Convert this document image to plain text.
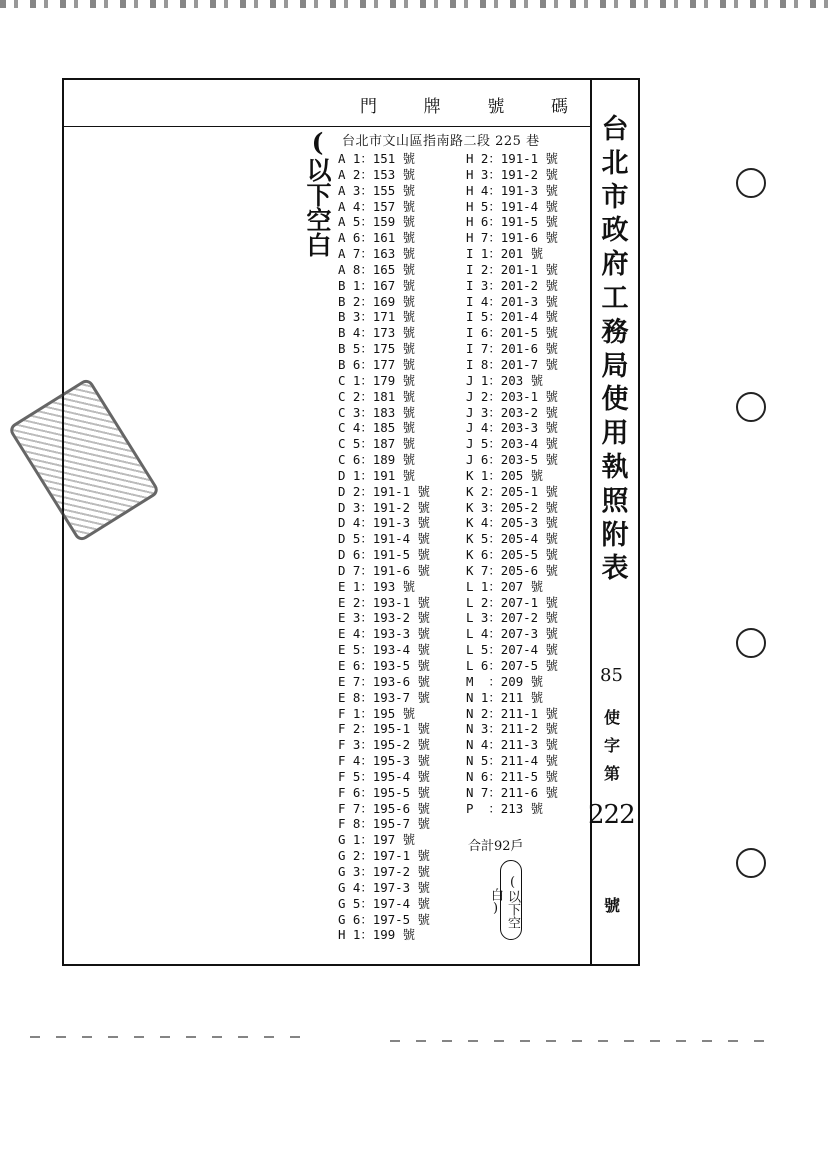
門	牌	號	碼
(以下空白 台北市文山區指南路二段 225 巷
A 1：151 號
A 2：153 號
A 3：155 號
A 4：157 號
A 5：159 號
A 6：161 號
A 7：163 號
A 8：165 號
B 1：167 號
B 2：169 號
B 3：171 號
B 4：173 號
B 5：175 號
B 6：177 號
C 1：179 號
C 2：181 號
C 3：183 號
C 4：185 號
C 5：187 號
C 6：189 號
D 1：191 號
D 2：191-1 號
D 3：191-2 號
D 4：191-3 號
D 5：191-4 號
D 6：191-5 號
D 7：191-6 號
E 1：193 號
E 2：193-1 號
E 3：193-2 號
E 4：193-3 號
E 5：193-4 號
E 6：193-5 號
E 7：193-6 號
E 8：193-7 號
F 1：195 號
F 2：195-1 號
F 3：195-2 號
F 4：195-3 號
F 5：195-4 號
F 6：195-5 號
F 7：195-6 號
F 8：195-7 號
G 1：197 號
G 2：197-1 號
G 3：197-2 號
G 4：197-3 號
G 5：197-4 號
G 6：197-5 號
H 1：199 號
H 2：191-1 號
H 3：191-2 號
H 4：191-3 號
H 5：191-4 號
H 6：191-5 號
H 7：191-6 號
I 1：201 號
I 2：201-1 號
I 3：201-2 號
I 4：201-3 號
I 5：201-4 號
I 6：201-5 號
I 7：201-6 號
I 8：201-7 號
J 1：203 號
J 2：203-1 號
J 3：203-2 號
J 4：203-3 號
J 5：203-4 號
J 6：203-5 號
K 1：205 號
K 2：205-1 號
K 3：205-2 號
K 4：205-3 號
K 5：205-4 號
K 6：205-5 號
K 7：205-6 號
L 1：207 號
L 2：207-1 號
L 3：207-2 號
L 4：207-3 號
L 5：207-4 號
L 6：207-5 號
M  ：209 號
N 1：211 號
N 2：211-1 號
N 3：211-2 號
N 4：211-3 號
N 5：211-4 號
N 6：211-5 號
N 7：211-6 號
P  ：213 號
合計92戶
(以下空白)
台
北
市
政
府
工
務
局
使
用
執
照
附
表
85
使
字
第
222
號
